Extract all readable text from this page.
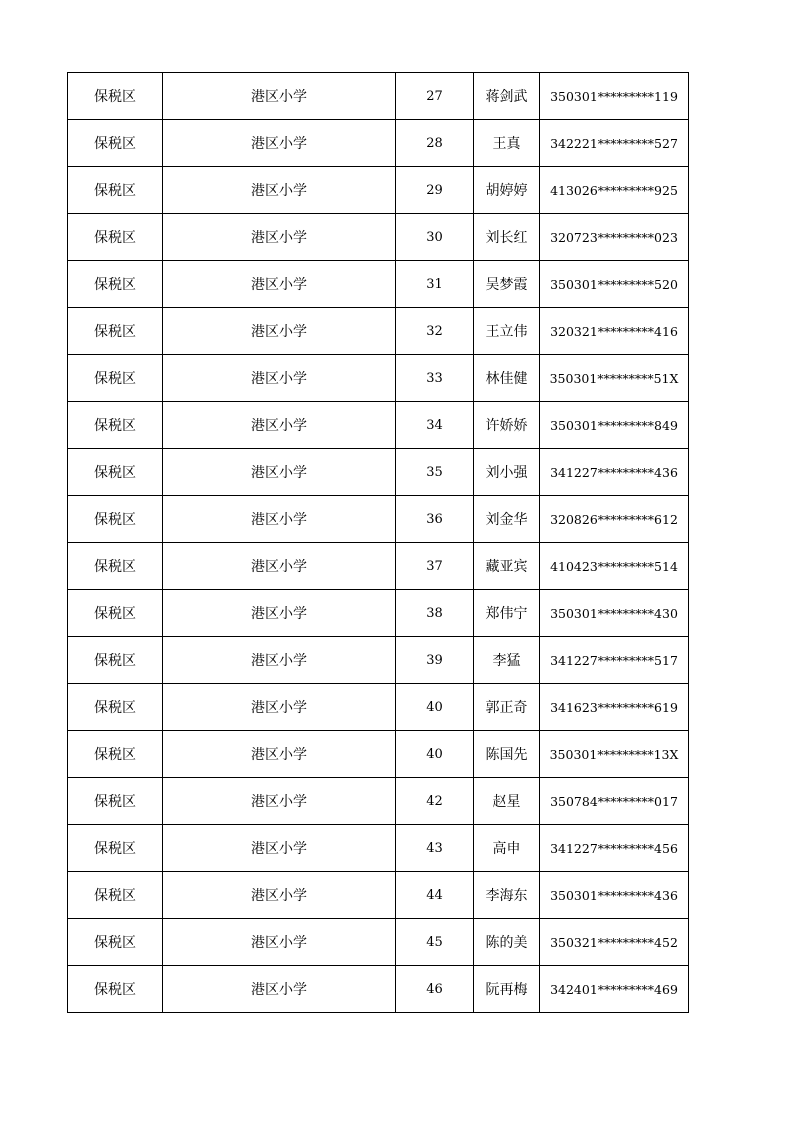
保税区	港区小学	27	蒋剑武	350301*********119
保税区	港区小学	28	王真	342221*********527
保税区	港区小学	29	胡婷婷	413026*********925
保税区	港区小学	30	刘长红	320723*********023
保税区	港区小学	31	吴梦霞	350301*********520
保税区	港区小学	32	王立伟	320321*********416
保税区	港区小学	33	林佳健	350301*********51X
保税区	港区小学	34	许娇娇	350301*********849
保税区	港区小学	35	刘小强	341227*********436
保税区	港区小学	36	刘金华	320826*********612
保税区	港区小学	37	藏亚宾	410423*********514
保税区	港区小学	38	郑伟宁	350301*********430
保税区	港区小学	39	李猛	341227*********517
保税区	港区小学	40	郭正奇	341623*********619
保税区	港区小学	40	陈国先	350301*********13X
保税区	港区小学	42	赵星	350784*********017
保税区	港区小学	43	高申	341227*********456
保税区	港区小学	44	李海东	350301*********436
保税区	港区小学	45	陈的美	350321*********452
保税区	港区小学	46	阮再梅	342401*********469
